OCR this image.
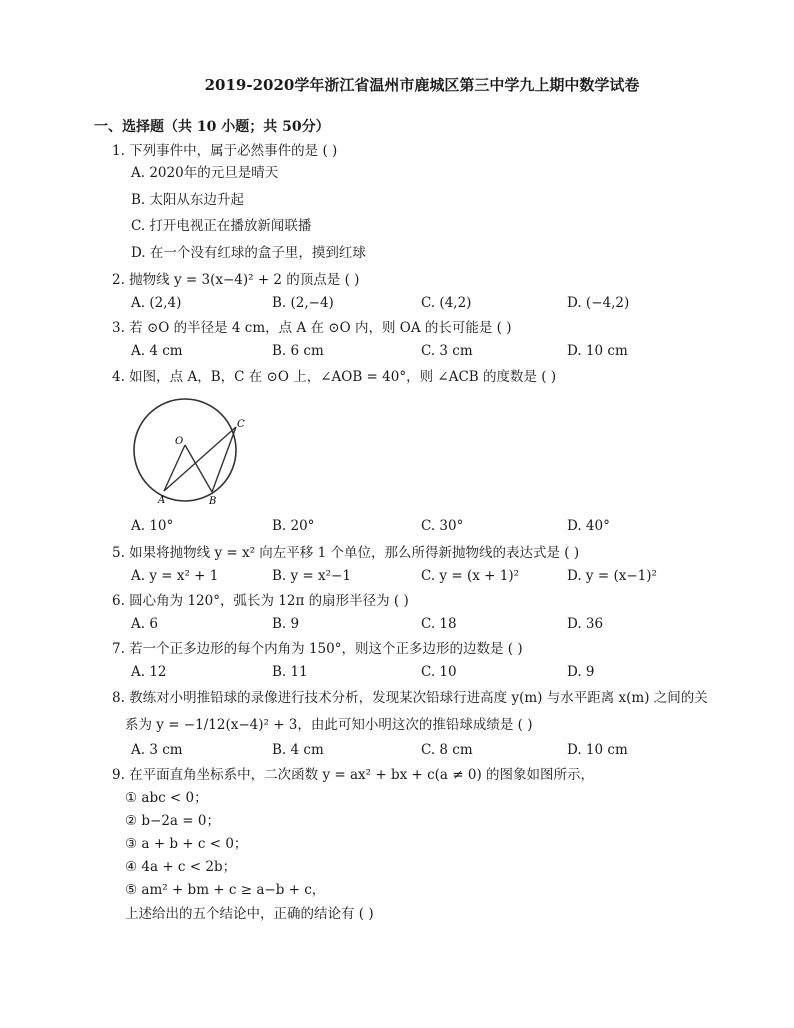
2019-2020学年浙江省温州市鹿城区第三中学九上期中数学试卷
一、选择题（共 10 小题；共 50分）
1. 下列事件中，属于必然事件的是 ( )
A. 2020年的元旦是晴天
B. 太阳从东边升起
C. 打开电视正在播放新闻联播
D. 在一个没有红球的盒子里，摸到红球
2. 抛物线 y = 3(x−4)² + 2 的顶点是 ( )
A. (2,4)	B. (2,−4)	C. (4,2)	D. (−4,2)
3. 若 ⊙O 的半径是 4 cm，点 A 在 ⊙O 内，则 OA 的长可能是 ( )
A. 4 cm	B. 6 cm	C. 3 cm	D. 10 cm
4. 如图，点 A，B，C 在 ⊙O 上，∠AOB = 40°，则 ∠ACB 的度数是 ( )
O
A	B
C
A. 10°	B. 20°	C. 30°	D. 40°
5. 如果将抛物线 y = x² 向左平移 1 个单位，那么所得新抛物线的表达式是 ( )
A. y = x² + 1	B. y = x²−1	C. y = (x + 1)²	D. y = (x−1)²
6. 圆心角为 120°，弧长为 12π 的扇形半径为 ( )
A. 6	B. 9	C. 18	D. 36
7. 若一个正多边形的每个内角为 150°，则这个正多边形的边数是 ( )
A. 12	B. 11	C. 10	D. 9
8. 教练对小明推铅球的录像进行技术分析，发现某次铅球行进高度 y(m) 与水平距离 x(m) 之间的关
系为 y = −1/12(x−4)² + 3，由此可知小明这次的推铅球成绩是 ( )
A. 3 cm	B. 4 cm	C. 8 cm	D. 10 cm
9. 在平面直角坐标系中，二次函数 y = ax² + bx + c(a ≠ 0) 的图象如图所示，
① abc < 0；
② b−2a = 0；
③ a + b + c < 0；
④ 4a + c < 2b；
⑤ am² + bm + c ≥ a−b + c，
上述给出的五个结论中，正确的结论有 ( )
